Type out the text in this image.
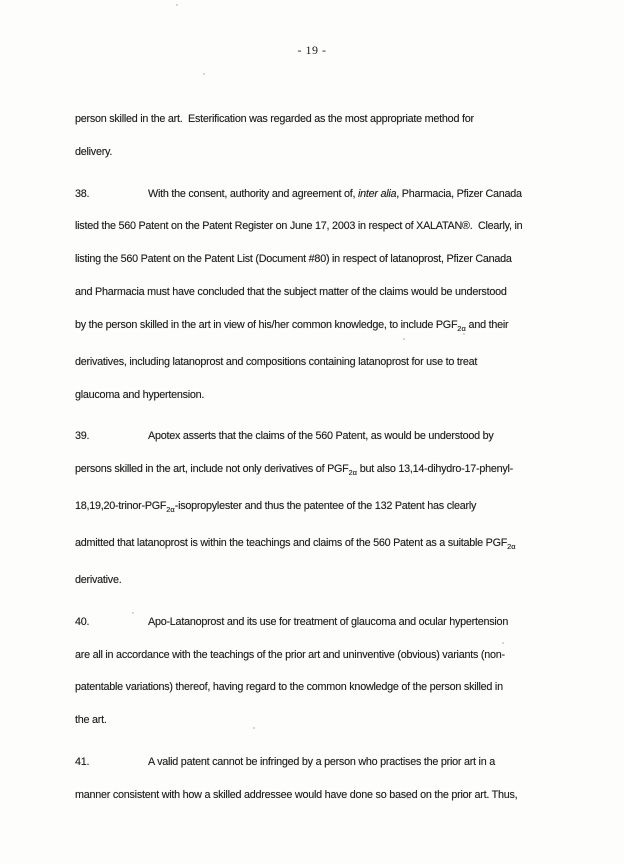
- 19 -
person skilled in the art.  Esterification was regarded as the most appropriate method for
delivery.
38.	With the consent, authority and agreement of, inter alia, Pharmacia, Pfizer Canada
listed the 560 Patent on the Patent Register on June 17, 2003 in respect of XALATAN®.  Clearly, in
listing the 560 Patent on the Patent List (Document #80) in respect of latanoprost, Pfizer Canada
and Pharmacia must have concluded that the subject matter of the claims would be understood
by the person skilled in the art in view of his/her common knowledge, to include $PGF_{2\alpha}$ and their
derivatives, including latanoprost and compositions containing latanoprost for use to treat
glaucoma and hypertension.
39.	Apotex asserts that the claims of the 560 Patent, as would be understood by
persons skilled in the art, include not only derivatives of $PGF_{2\alpha}$ but also 13,14-dihydro-17-phenyl-
$18,19,20-trinor-PGF_{2\alpha}$-isopropylester and thus the patentee of the 132 Patent has clearly
admitted that latanoprost is within the teachings and claims of the 560 Patent as a suitable $PGF_{2\alpha}$
derivative.
40.	Apo-Latanoprost and its use for treatment of glaucoma and ocular hypertension
are all in accordance with the teachings of the prior art and uninventive (obvious) variants (non-
patentable variations) thereof, having regard to the common knowledge of the person skilled in
the art.
41.	A valid patent cannot be infringed by a person who practises the prior art in a
manner consistent with how a skilled addressee would have done so based on the prior art. Thus,
